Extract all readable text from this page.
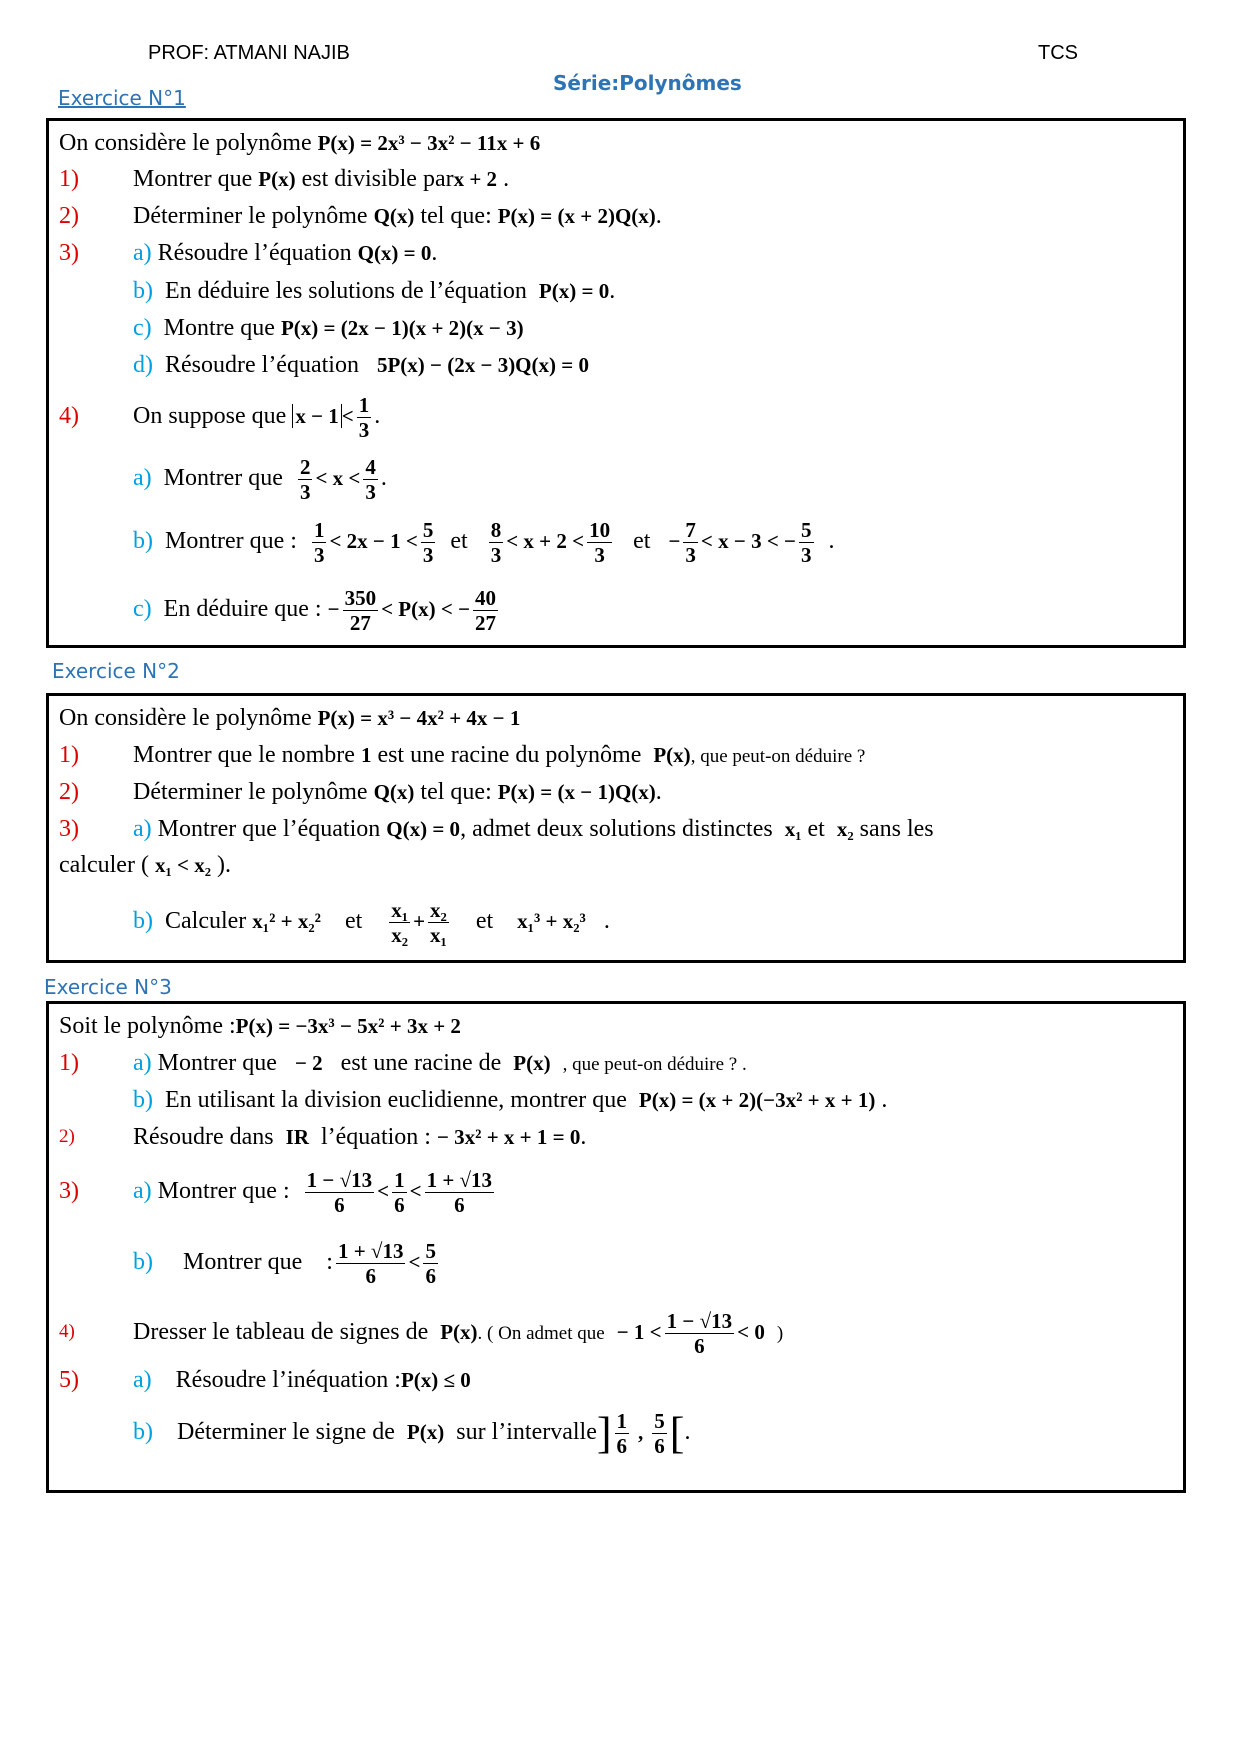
PROF: ATMANI NAJIB	TCS
Série:Polynômes
Exercice N°1
On considère le polynôme P(x) = 2x³ − 3x² − 11x + 6
1)	Montrer que P(x) est divisible parx + 2 .
2)	Déterminer le polynôme Q(x) tel que: P(x) = (x + 2)Q(x).
3)	a) Résoudre l’équation Q(x) = 0.
b) En déduire les solutions de l’équation P(x) = 0.
c) Montre que P(x) = (2x − 1)(x + 2)(x − 3)
d) Résoudre l’équation 5P(x) − (2x − 3)Q(x) = 0
4)	On suppose que $x - 1 < \frac{1}{3}$ .
a) Montrer que $\frac{2}{3} < x < \frac{4}{3}$ .
b) Montrer que : $\frac{1}{3} < 2x - 1 < \frac{5}{3}$ et $\frac{8}{3} < x + 2 < \frac{10}{3}$ et − $\frac{7}{3} < x - 3$ < − $\frac{5}{3}$ .
c) En déduire que : − $\frac{350}{27} < P(x)$ < − $\frac{40}{27}$
Exercice N°2
On considère le polynôme P(x) = x³ − 4x² + 4x − 1
1)	Montrer que le nombre 1 est une racine du polynôme P(x), que peut-on déduire ?
2)	Déterminer le polynôme Q(x) tel que: P(x) = (x − 1)Q(x).
3)	a) Montrer que l’équation Q(x) = 0, admet deux solutions distinctes x₁ et x₂ sans les
calculer ( x₁ < x₂ ).
b) Calculer x₁² + x₂² et $\frac{\text{x₁}}{\text{x₂}} + \frac{\text{x₂}}{\text{x₁}}$ et x₁³ + x₂³ .
Exercice N°3
Soit le polynôme :P(x) = −3x³ − 5x² + 3x + 2
1)	a) Montrer que − 2 est une racine de P(x) , que peut-on déduire ? .
b) En utilisant la division euclidienne, montrer que P(x) = (x + 2)(−3x² + x + 1) .
2)	Résoudre dans IR l’équation : − 3x² + x + 1 = 0.
3)	a) Montrer que : $\frac{1 - √13}{6} < \frac{1}{6} < \frac{1 + √13}{6}$
b) Montrer que : $\frac{1 + √13}{6} < \frac{5}{6}$
4)	Dresser le tableau de signes de P(x). ( On admet que − $1 < \frac{1 - √13}{6} < 0$ )
5)	a) Résoudre l’inéquation :P(x) ≤ 0
b) Déterminer le signe de P(x) sur l’intervalle] $\frac{1}{6}$ , $\frac{5}{6}$ [.
